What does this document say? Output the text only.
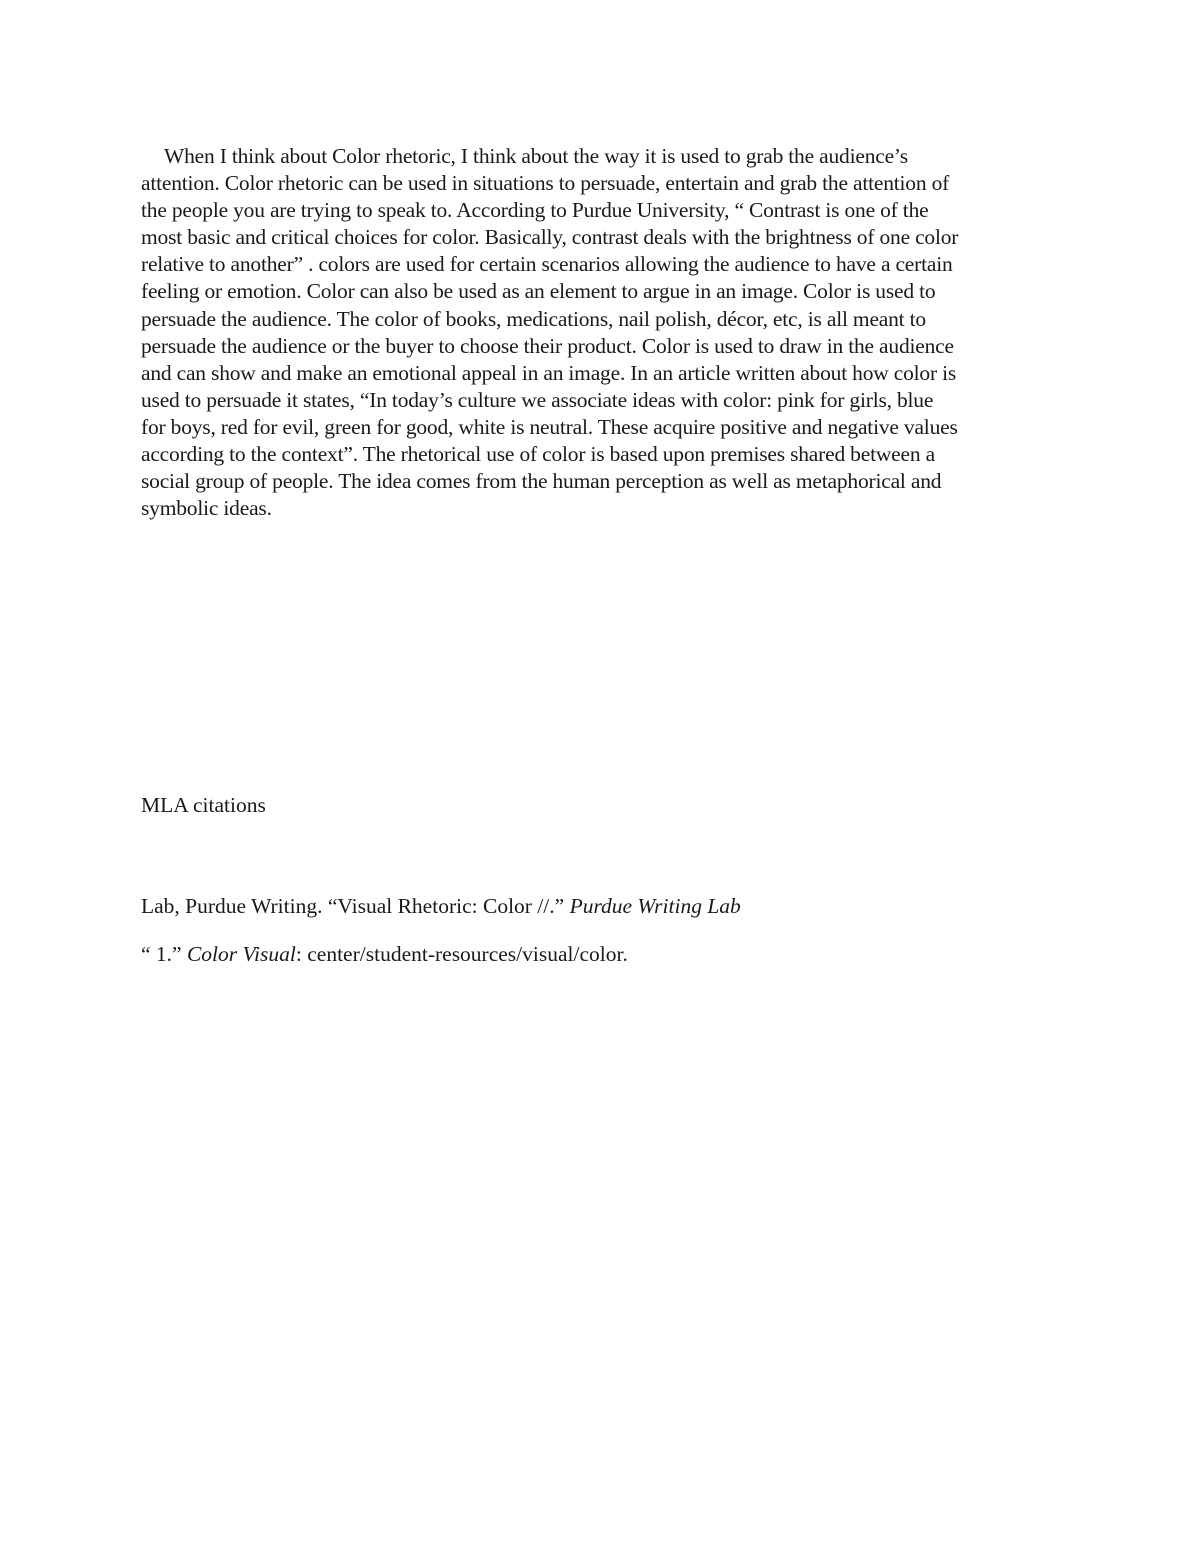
When I think about Color rhetoric, I think about the way it is used to grab the audience’s
attention. Color rhetoric can be used in situations to persuade, entertain and grab the attention of
the people you are trying to speak to. According to Purdue University, “ Contrast is one of the
most basic and critical choices for color. Basically, contrast deals with the brightness of one color
relative to another” . colors are used for certain scenarios allowing the audience to have a certain
feeling or emotion. Color can also be used as an element to argue in an image. Color is used to
persuade the audience. The color of books, medications, nail polish, décor, etc, is all meant to
persuade the audience or the buyer to choose their product. Color is used to draw in the audience
and can show and make an emotional appeal in an image. In an article written about how color is
used to persuade it states, “In today’s culture we associate ideas with color: pink for girls, blue
for boys, red for evil, green for good, white is neutral. These acquire positive and negative values
according to the context”. The rhetorical use of color is based upon premises shared between a
social group of people. The idea comes from the human perception as well as metaphorical and
symbolic ideas.

MLA citations

Lab, Purdue Writing. “Visual Rhetoric: Color //.” Purdue Writing Lab

“ 1.” Color Visual: center/student-resources/visual/color.
